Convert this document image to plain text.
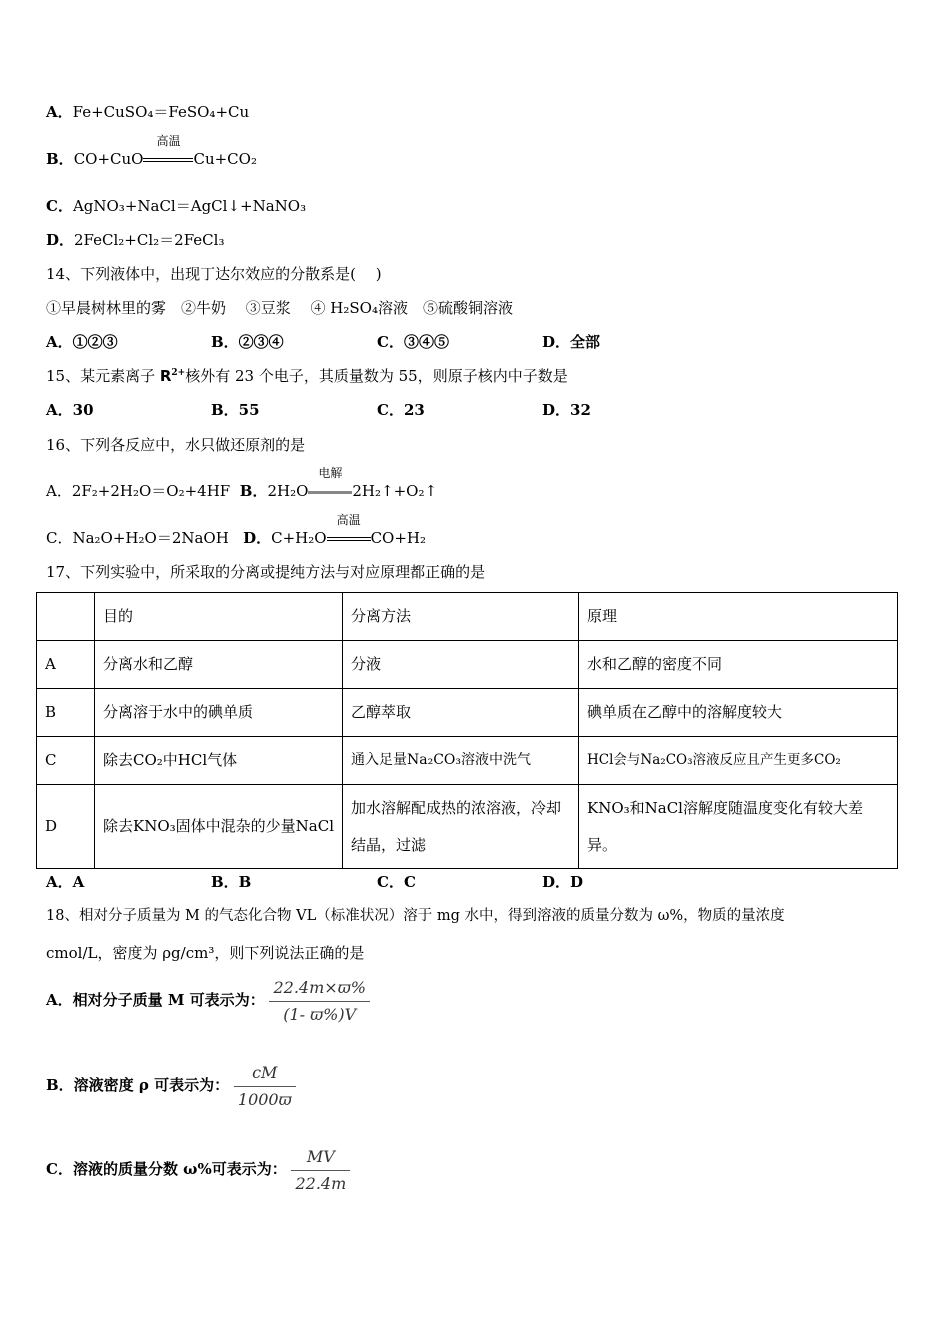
A．Fe+CuSO₄＝FeSO₄+Cu
B．CO+CuO
高温
Cu+CO₂
C．AgNO₃+NaCl＝AgCl↓+NaNO₃
D．2FeCl₂+Cl₂＝2FeCl₃
14、下列液体中，出现丁达尔效应的分散系是(　 )
①早晨树林里的雾　②牛奶　 ③豆浆　 ④ H₂SO₄溶液　⑤硫酸铜溶液
A．①②③	B．②③④	C．③④⑤	D．全部
15、某元素离子 $R^{2+}$核外有 23 个电子，其质量数为 55，则原子核内中子数是
A．30	B．55	C．23	D．32
16、下列各反应中，水只做还原剂的是
A．2F₂+2H₂O＝O₂+4HF B．2H₂O
电解
2H₂↑+O₂↑
C．Na₂O+H₂O＝2NaOH D．C+H₂O
高温
CO+H₂
17、下列实验中，所采取的分离或提纯方法与对应原理都正确的是
	目的	分离方法	原理
A	分离水和乙醇	分液	水和乙醇的密度不同
B	分离溶于水中的碘单质	乙醇萃取	碘单质在乙醇中的溶解度较大
C	除去CO₂中HCl气体	通入足量Na₂CO₃溶液中洗气	HCl会与Na₂CO₃溶液反应且产生更多CO₂
D	除去KNO₃固体中混杂的少量NaCl	加水溶解配成热的浓溶液，冷却结晶，过滤	KNO₃和NaCl溶解度随温度变化有较大差异。
A．A	B．B	C．C	D．D
18、相对分子质量为 M 的气态化合物 VL（标准状况）溶于 mg 水中，得到溶液的质量分数为 ω%，物质的量浓度
cmol/L，密度为 ρg/cm³，则下列说法正确的是
A．相对分子质量 M 可表示为： $\frac{22.4m\times ϖ\%}{(1- ϖ\%)V}$
B．溶液密度 ρ 可表示为： $\frac{cM}{1000ϖ}$
C．溶液的质量分数 ω%可表示为： $\frac{MV}{22.4m}$
